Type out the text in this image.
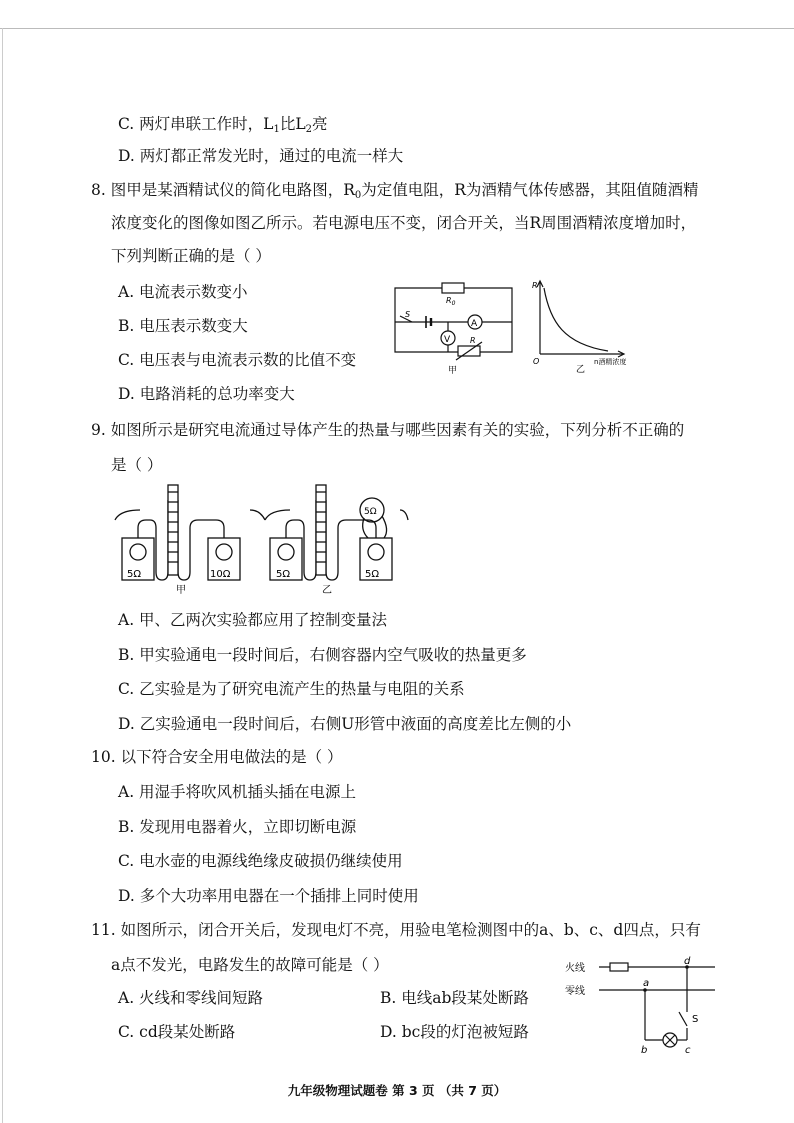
C. 两灯串联工作时，$L_1$比$L_2$亮
D. 两灯都正常发光时，通过的电流一样大
8. 图甲是某酒精试仪的简化电路图，$R_0$为定值电阻，R为酒精气体传感器，其阻值随酒精
浓度变化的图像如图乙所示。若电源电压不变，闭合开关，当R周围酒精浓度增加时，
下列判断正确的是（ ）
A. 电流表示数变小
B. 电压表示数变大
C. 电压表与电流表示数的比值不变
D. 电路消耗的总功率变大
A
V
$R_0$
S
R
甲
R
O	n酒精浓度
乙
9. 如图所示是研究电流通过导体产生的热量与哪些因素有关的实验，下列分析不正确的
是（ ）
5Ω	10Ω
甲
5Ω	5Ω
5Ω
乙
A. 甲、乙两次实验都应用了控制变量法
B. 甲实验通电一段时间后，右侧容器内空气吸收的热量更多
C. 乙实验是为了研究电流产生的热量与电阻的关系
D. 乙实验通电一段时间后，右侧U形管中液面的高度差比左侧的小
10. 以下符合安全用电做法的是（ ）
A. 用湿手将吹风机插头插在电源上
B. 发现用电器着火，立即切断电源
C. 电水壶的电源线绝缘皮破损仍继续使用
D. 多个大功率用电器在一个插排上同时使用
11. 如图所示，闭合开关后，发现电灯不亮，用验电笔检测图中的a、b、c、d四点，只有
a点不发光，电路发生的故障可能是（ ）
A. 火线和零线间短路	B. 电线ab段某处断路
C. cd段某处断路	D. bc段的灯泡被短路
火线
零线
a
b	c
d
S
九年级物理试题卷 第 3 页 （共 7 页）
